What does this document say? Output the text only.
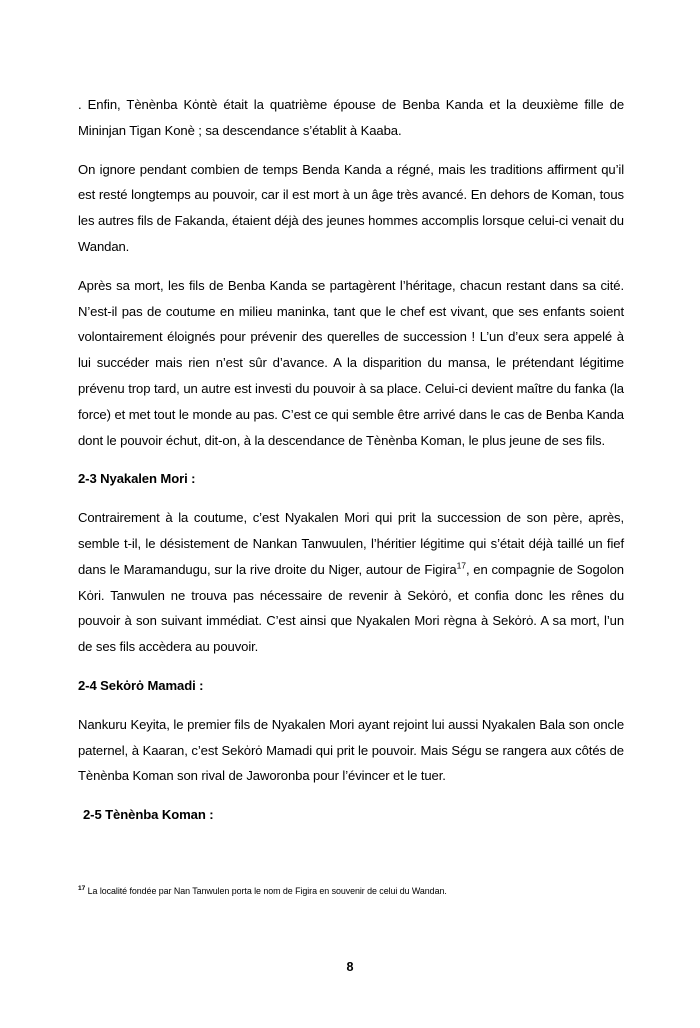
. Enfin, Tènènba Kȯntè était la quatrième épouse de Benba Kanda et la deuxième fille de Mininjan Tigan Konè ; sa descendance s’établit à Kaaba.

On ignore pendant combien de temps Benda Kanda a régné, mais les traditions affirment qu’il est resté longtemps au pouvoir, car il est mort à un âge très avancé. En dehors de Koman, tous les autres fils de Fakanda, étaient déjà des jeunes hommes accomplis lorsque celui-ci venait du Wandan.

Après sa mort, les fils de Benba Kanda se partagèrent l’héritage, chacun restant dans sa cité. N’est-il pas de coutume en milieu maninka, tant que le chef est vivant, que ses enfants soient volontairement éloignés pour prévenir des querelles de succession ! L’un d’eux sera appelé à lui succéder mais rien n’est sûr d’avance. A la disparition du mansa, le prétendant légitime prévenu trop tard, un autre est investi du pouvoir à sa place. Celui-ci devient maître du fanka (la force) et met tout le monde au pas. C’est ce qui semble être arrivé dans le cas de Benba Kanda dont le pouvoir échut, dit-on, à la descendance de Tènènba Koman, le plus jeune de ses fils.

2-3 Nyakalen Mori :

Contrairement à la coutume, c’est Nyakalen Mori qui prit la succession de son père, après, semble t-il, le désistement de Nankan Tanwuulen, l’héritier légitime qui s’était déjà taillé un fief dans le Maramandugu, sur la rive droite du Niger, autour de Figira$^{17}$, en compagnie de Sogolon Kȯri. Tanwulen ne trouva pas nécessaire de revenir à Sekȯrȯ, et confia donc les rênes du pouvoir à son suivant immédiat. C’est ainsi que Nyakalen Mori règna à Sekȯrȯ. A sa mort, l’un de ses fils accèdera au pouvoir.

2-4 Sekȯrȯ Mamadi :

Nankuru Keyita, le premier fils de Nyakalen Mori ayant rejoint lui aussi Nyakalen Bala son oncle paternel, à Kaaran, c’est Sekȯrȯ Mamadi qui prit le pouvoir. Mais Ségu se rangera aux côtés de Tènènba Koman son rival de Jaworonba pour l’évincer et le tuer.

2-5 Tènènba Koman :
$^{17}$ La localité fondée par Nan Tanwulen porta le nom de Figira en souvenir de celui du Wandan.
8
